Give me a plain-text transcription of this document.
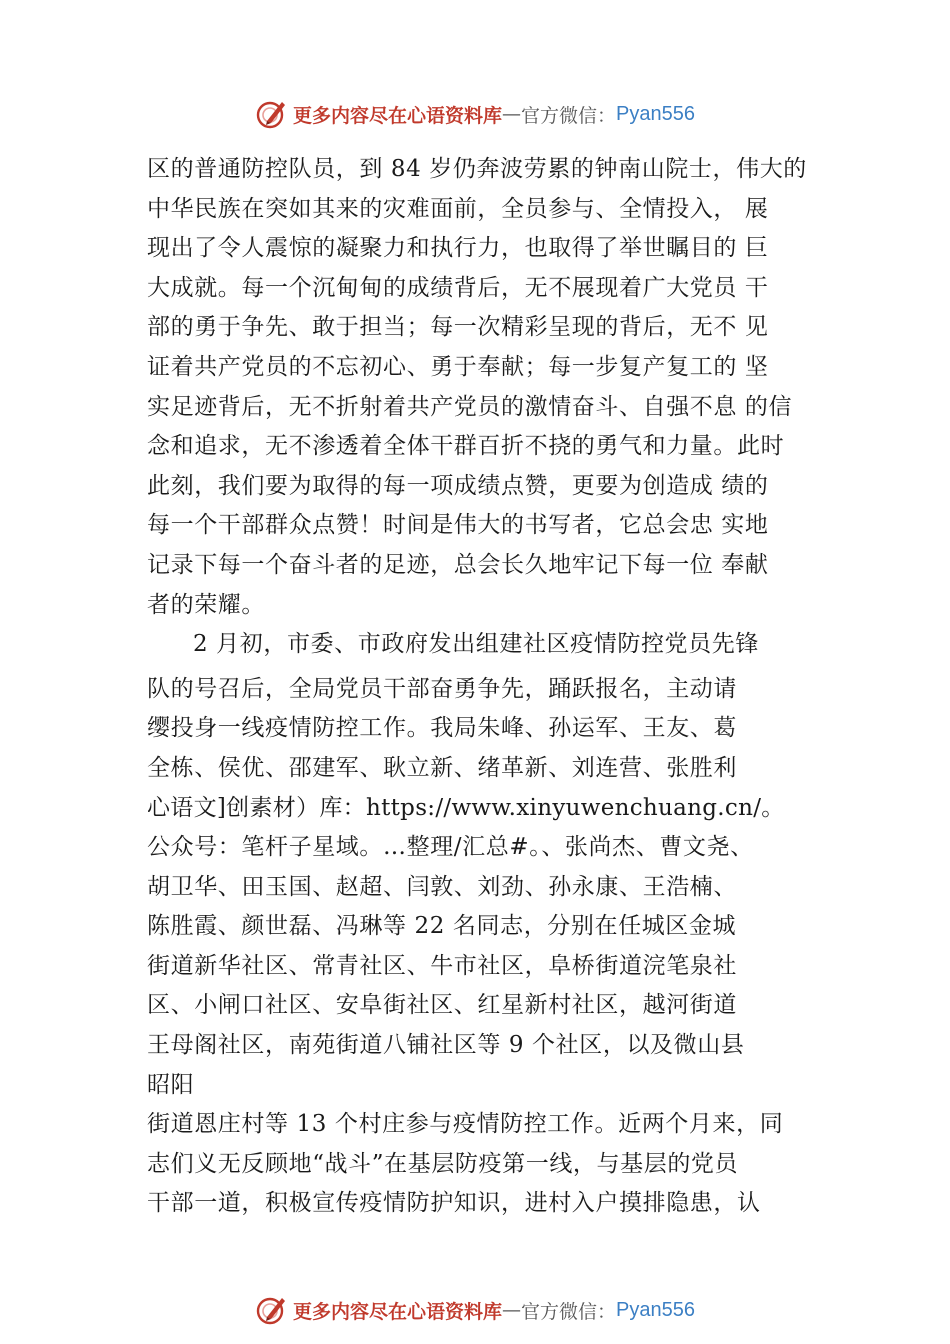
更多内容尽在心语资料库 — 官方微信： Pyan556
区的普通防控队员，到 84 岁仍奔波劳累的钟南山院士，伟大的
中华民族在突如其来的灾难面前，全员参与、全情投入， 展
现出了令人震惊的凝聚力和执行力，也取得了举世瞩目的 巨
大成就。每一个沉甸甸的成绩背后，无不展现着广大党员 干
部的勇于争先、敢于担当；每一次精彩呈现的背后，无不 见
证着共产党员的不忘初心、勇于奉献；每一步复产复工的 坚
实足迹背后，无不折射着共产党员的激情奋斗、自强不息 的信
念和追求，无不渗透着全体干群百折不挠的勇气和力量。此时
此刻，我们要为取得的每一项成绩点赞，更要为创造成 绩的
每一个干部群众点赞！时间是伟大的书写者，它总会忠 实地
记录下每一个奋斗者的足迹，总会长久地牢记下每一位 奉献
者的荣耀。
2 月初，市委、市政府发出组建社区疫情防控党员先锋
队的号召后，全局党员干部奋勇争先，踊跃报名，主动请
缨投身一线疫情防控工作。我局朱峰、孙运军、王友、葛
全栋、侯优、邵建军、耿立新、绪革新、刘连营、张胜利
心语文]创素材）库：https://www.xinyuwenchuang.cn/。
公众号：笔杆子星域。…整理/汇总#。、张尚杰、曹文尧、
胡卫华、田玉国、赵超、闫敦、刘劲、孙永康、王浩楠、
陈胜霞、颜世磊、冯琳等 22 名同志，分别在任城区金城
街道新华社区、常青社区、牛市社区，阜桥街道浣笔泉社
区、小闸口社区、安阜街社区、红星新村社区，越河街道
王母阁社区，南苑街道八铺社区等 9 个社区，以及微山县
昭阳
街道恩庄村等 13 个村庄参与疫情防控工作。近两个月来，同
志们义无反顾地“战斗”在基层防疫第一线，与基层的党员
干部一道，积极宣传疫情防护知识，进村入户摸排隐患，认
更多内容尽在心语资料库 — 官方微信： Pyan556
